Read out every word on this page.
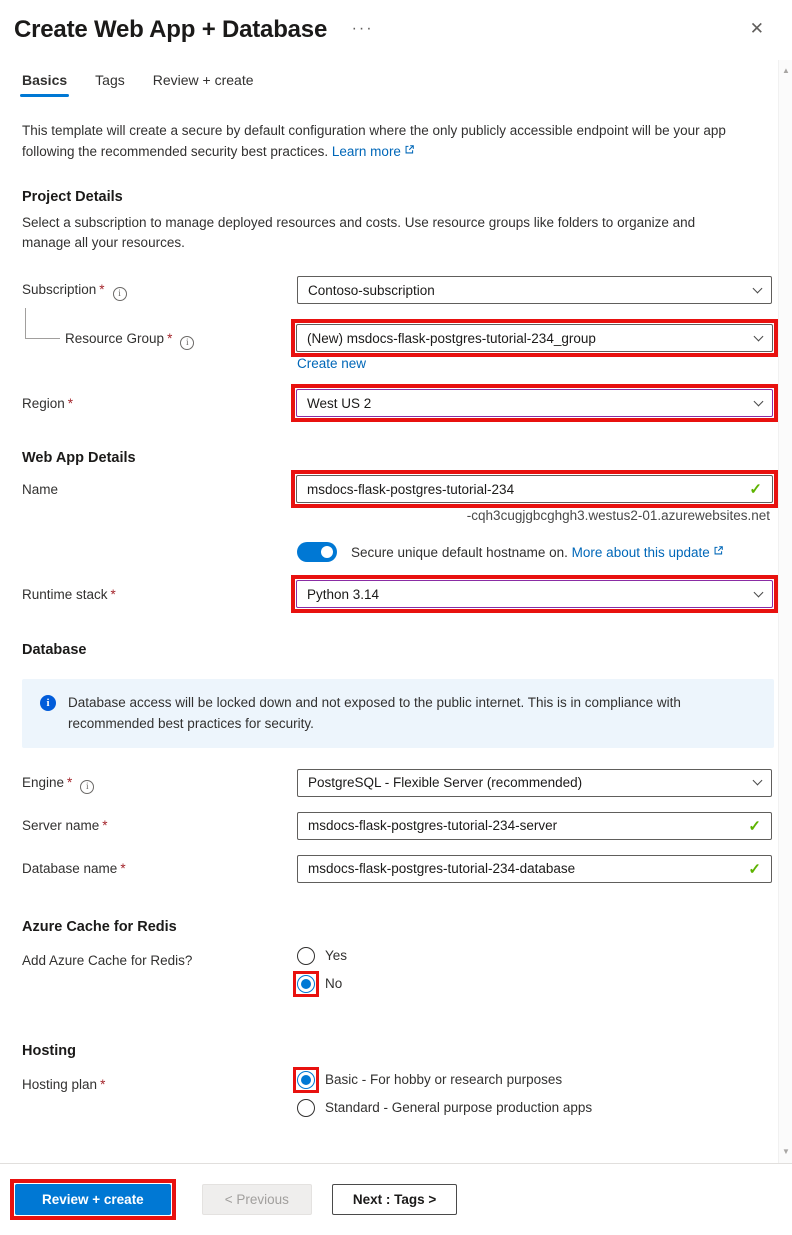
Create Web App + Database ···	✕
▲
▼
Basics Tags Review + create
This template will create a secure by default configuration where the only publicly accessible endpoint will be your app following the recommended security best practices. Learn more
Project Details
Select a subscription to manage deployed resources and costs. Use resource groups like folders to organize and manage all your resources.
Subscription * i	Contoso-subscription
Resource Group * i	(New) msdocs-flask-postgres-tutorial-234_group
Create new
Region *	West US 2
Web App Details
Name	msdocs-flask-postgres-tutorial-234	✓
-cqh3cugjgbcghgh3.westus2-01.azurewebsites.net
Secure unique default hostname on. More about this update
Runtime stack *	Python 3.14
Database
i	Database access will be locked down and not exposed to the public internet. This is in compliance with recommended best practices for security.
Engine * i	PostgreSQL - Flexible Server (recommended)
Server name *	msdocs-flask-postgres-tutorial-234-server	✓
Database name *	msdocs-flask-postgres-tutorial-234-database	✓
Azure Cache for Redis
Add Azure Cache for Redis?	Yes
No
Hosting
Hosting plan *	Basic - For hobby or research purposes
Standard - General purpose production apps
Review + create	< Previous	Next : Tags >
